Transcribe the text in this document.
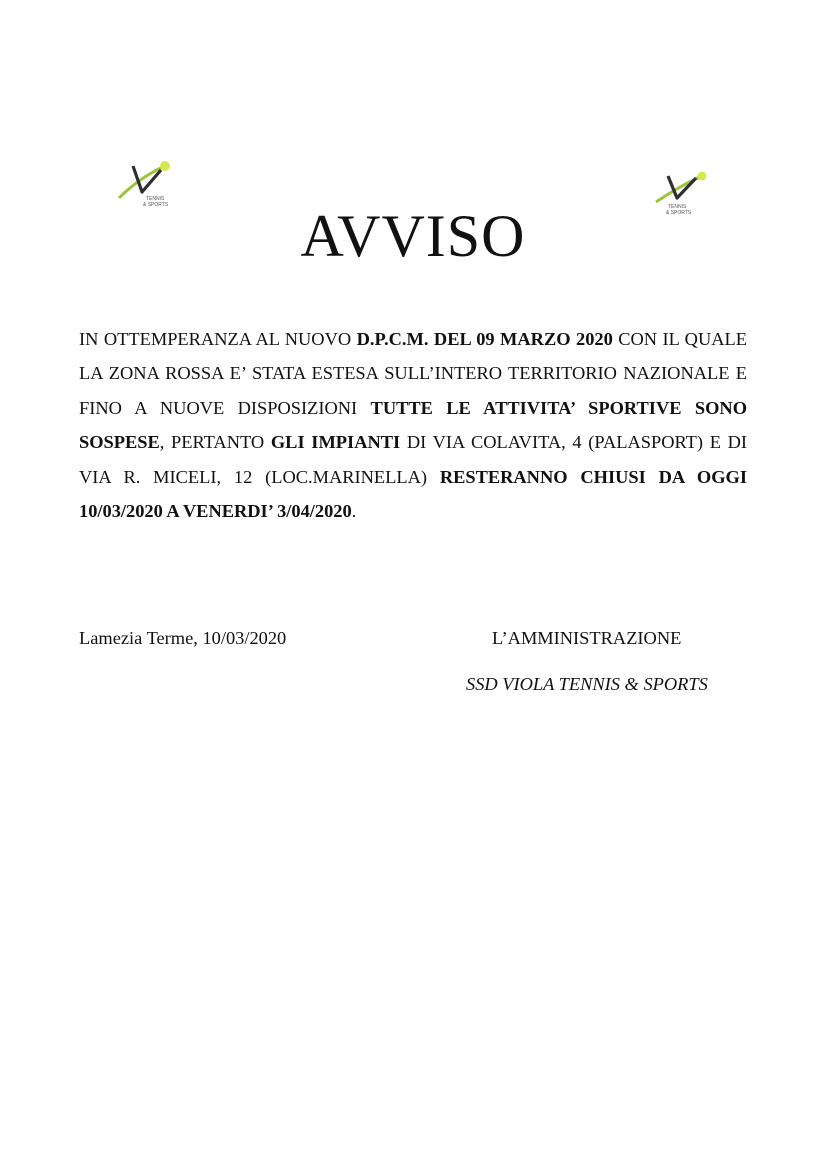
TENNIS
& SPORTS	TENNIS
& SPORTS
AVVISO

IN OTTEMPERANZA AL NUOVO D.P.C.M. DEL 09 MARZO 2020 CON IL QUALE LA ZONA ROSSA E’ STATA ESTESA SULL’INTERO TERRITORIO NAZIONALE E FINO A NUOVE DISPOSIZIONI TUTTE LE ATTIVITA’ SPORTIVE SONO SOSPESE, PERTANTO GLI IMPIANTI DI VIA COLAVITA, 4 (PALASPORT) E DI VIA R. MICELI, 12 (LOC.MARINELLA) RESTERANNO CHIUSI DA OGGI 10/03/2020 A VENERDI’ 3/04/2020.

Lamezia Terme, 10/03/2020	L’AMMINISTRAZIONE

SSD VIOLA TENNIS & SPORTS
